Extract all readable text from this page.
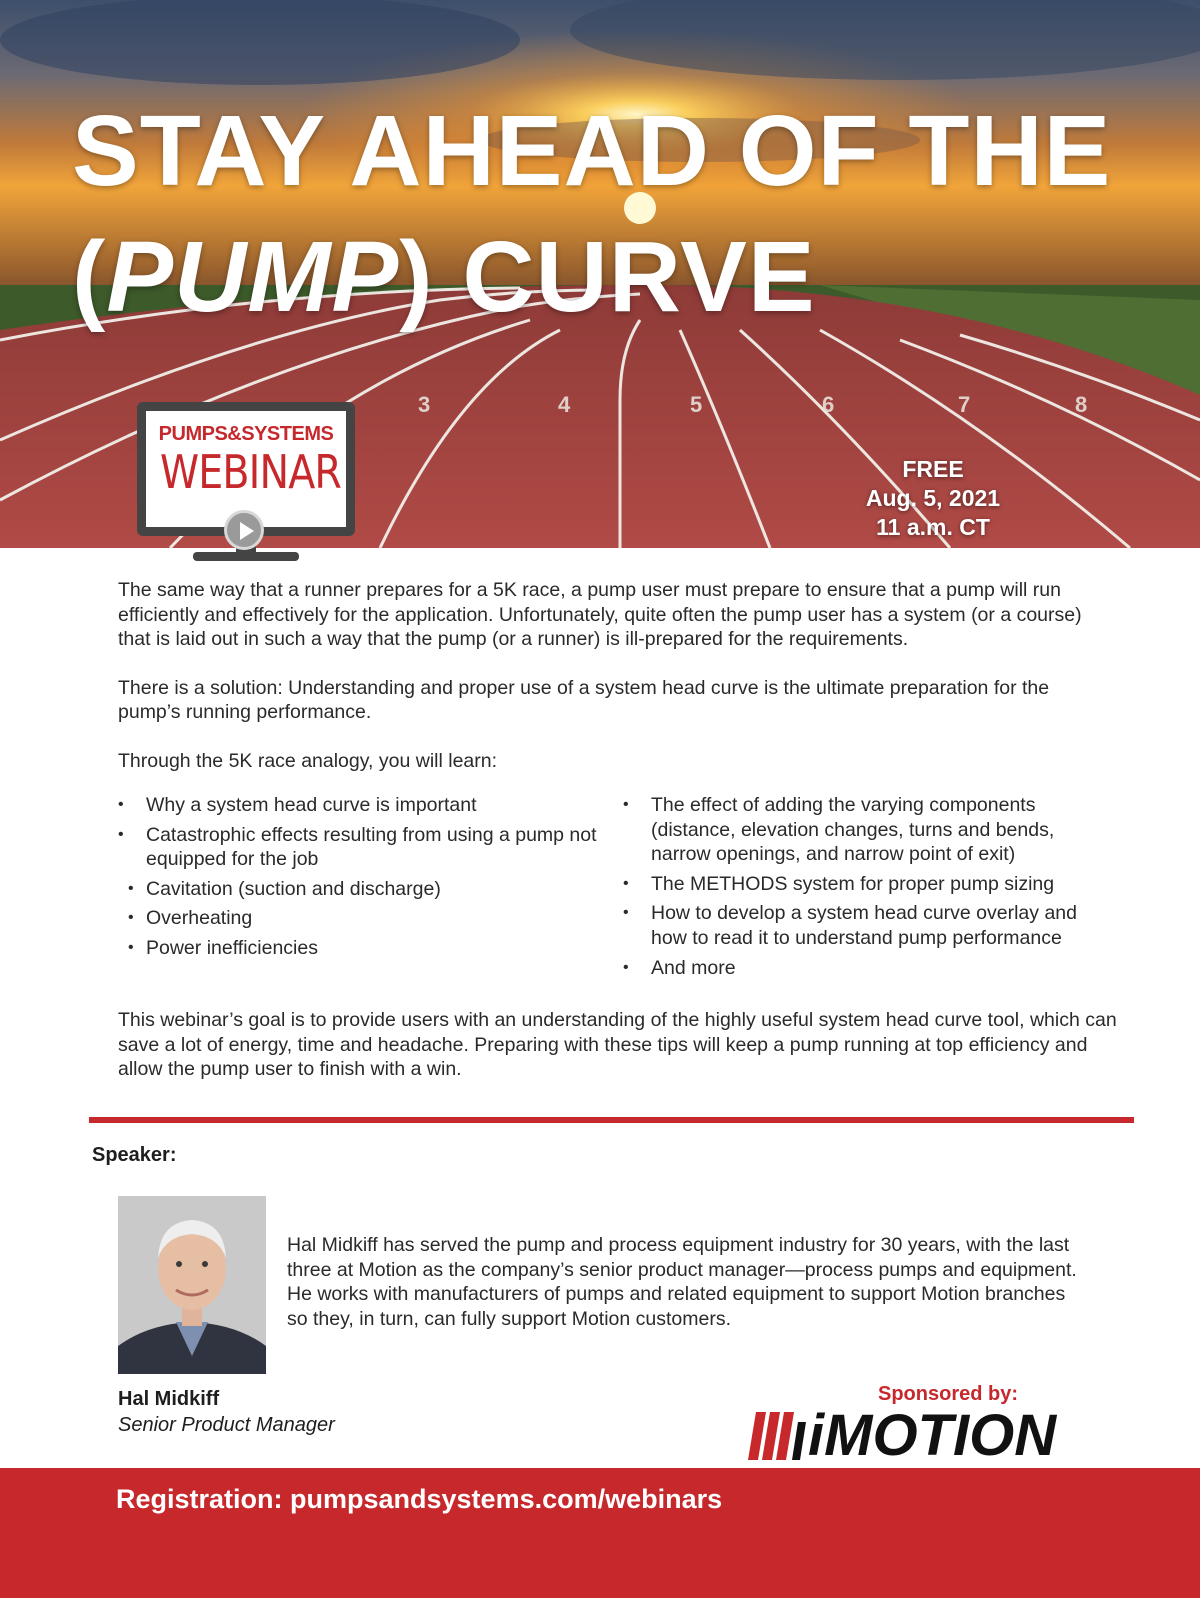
3	4	5	6	7	8
STAY AHEAD OF THE
(PUMP) CURVE
FREE
Aug. 5, 2021
11 a.m. CT
PUMPS&SYSTEMS
WEBINAR

The same way that a runner prepares for a 5K race, a pump user must prepare to ensure that a pump will run efficiently and effectively for the application. Unfortunately, quite often the pump user has a system (or a course) that is laid out in such a way that the pump (or a runner) is ill-prepared for the requirements.

There is a solution: Understanding and proper use of a system head curve is the ultimate preparation for the pump’s running performance.

Through the 5K race analogy, you will learn:

• Why a system head curve is important
• Catastrophic effects resulting from using a pump not equipped for the job
• Cavitation (suction and discharge)
• Overheating
• Power inefficiencies
• The effect of adding the varying components (distance, elevation changes, turns and bends, narrow openings, and narrow point of exit)
• The METHODS system for proper pump sizing
• How to develop a system head curve overlay and how to read it to understand pump performance
• And more

This webinar’s goal is to provide users with an understanding of the highly useful system head curve tool, which can save a lot of energy, time and headache. Preparing with these tips will keep a pump running at top efficiency and allow the pump user to finish with a win.

Speaker:

Hal Midkiff has served the pump and process equipment industry for 30 years, with the last three at Motion as the company’s senior product manager—process pumps and equipment. He works with manufacturers of pumps and related equipment to support Motion branches so they, in turn, can fully support Motion customers.

Hal Midkiff
Senior Product Manager
Sponsored by:
iMOTION
Registration: pumpsandsystems.com/webinars
